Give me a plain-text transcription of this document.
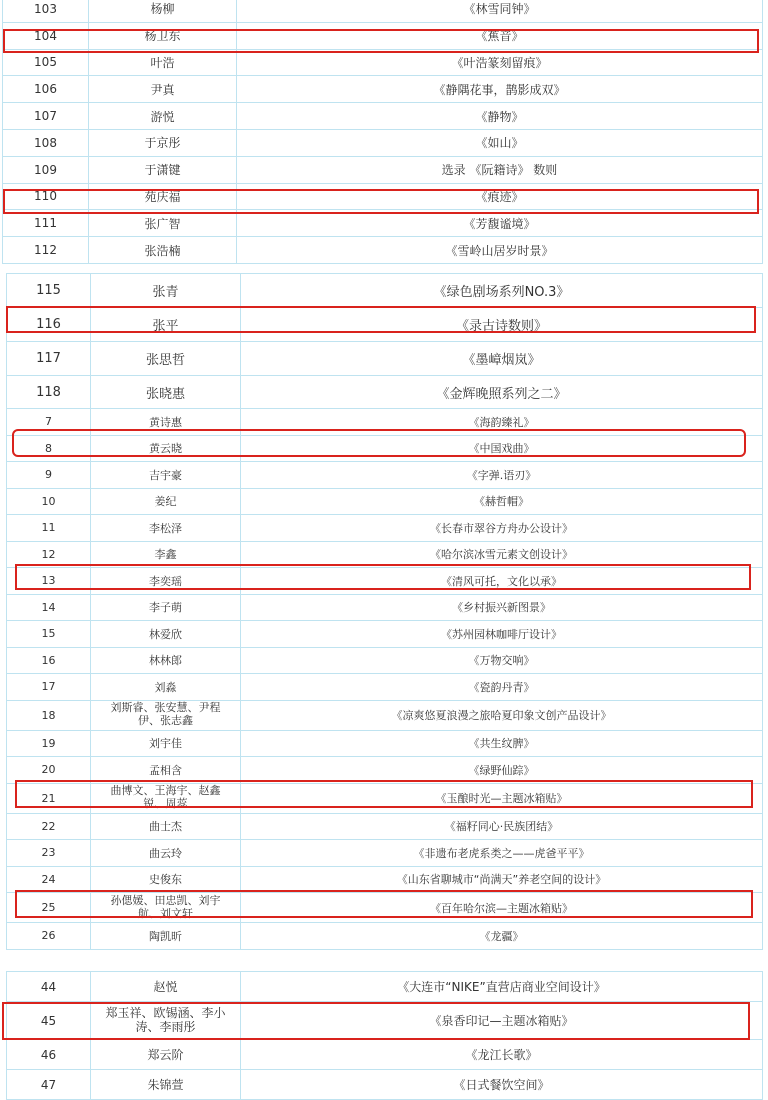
103	杨柳	《林雪同钟》
104	杨卫东	《蕉音》
105	叶浩	《叶浩篆刻留痕》
106	尹真	《静隅花事，鹊影成双》
107	游悦	《静物》
108	于京彤	《如山》
109	于潇键	选录 《阮籍诗》 数则
110	苑庆福	《痕迹》
111	张广智	《芳馥谧境》
112	张浩楠	《雪岭山居岁时景》
115	张青	《绿色剧场系列NO.3》
116	张平	《录古诗数则》
117	张思哲	《墨嶂烟岚》
118	张晓惠	《金辉晚照系列之二》
7	黄诗惠	《海韵臻礼》
8	黄云晓	《中国戏曲》
9	吉宇豪	《字弹.语刃》
10	姜纪	《赫哲帽》
11	李松泽	《长春市翠谷方舟办公设计》
12	李鑫	《哈尔滨冰雪元素文创设计》
13	李奕瑶	《清风可托，文化以承》
14	李子萌	《乡村振兴新图景》
15	林爱欣	《苏州园林咖啡厅设计》
16	林林郎	《万物交响》
17	刘淼	《瓷韵丹青》
18	刘斯睿、张安慧、尹程伊、张志鑫	《凉爽悠夏浪漫之旅哈夏印象文创产品设计》
19	刘宇佳	《共生纹脾》
20	孟相含	《绿野仙踪》
21	曲博文、王海宇、赵鑫锐、周蕊	《玉酿时光—主题冰箱贴》
22	曲士杰	《福籽同心·民族团结》
23	曲云玲	《非遗布老虎系类之——虎爸平平》
24	史俊东	《山东省聊城市“尚满天”养老空间的设计》
25	孙偲媛、田忠凯、刘宇航、刘文轩	《百年哈尔滨—主题冰箱贴》
26	陶凯昕	《龙疆》
44	赵悦	《大连市“NIKE”直营店商业空间设计》
45	郑玉祥、欧锡涵、李小涛、李雨彤	《泉香印记—主题冰箱贴》
46	郑云阶	《龙江长歌》
47	朱锦萱	《日式餐饮空间》
